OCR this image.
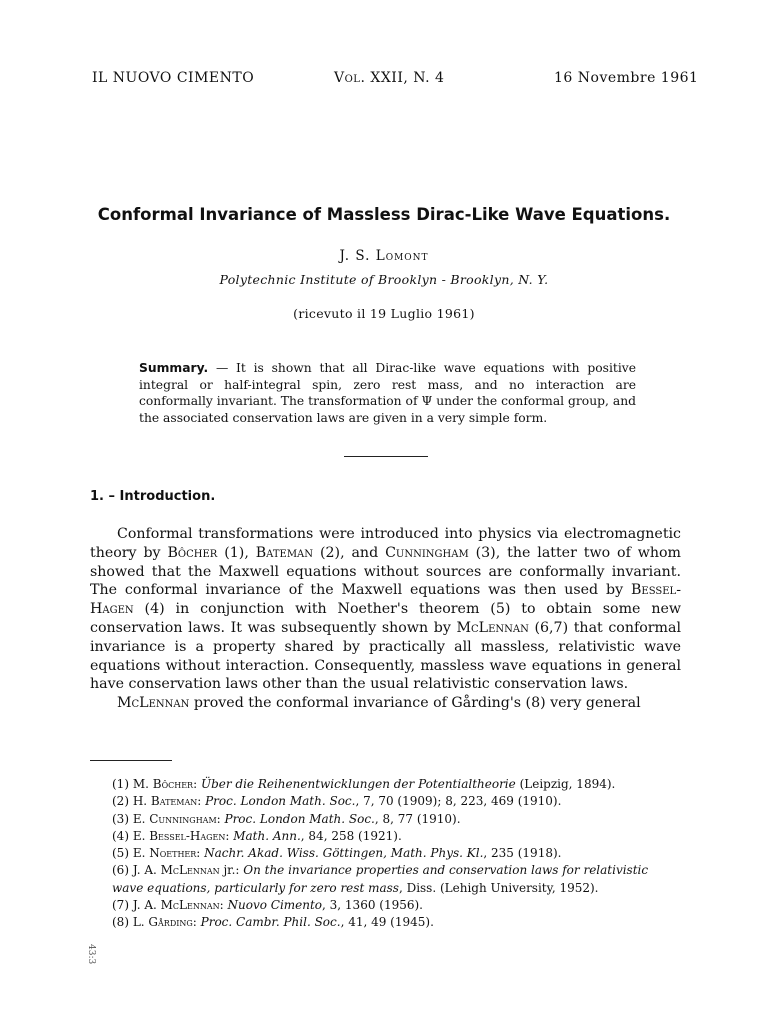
IL NUOVO CIMENTO	Vol. XXII, N. 4	16 Novembre 1961
Conformal Invariance of Massless Dirac-Like Wave Equations.
J. S. Lomont
Polytechnic Institute of Brooklyn - Brooklyn, N. Y.
(ricevuto il 19 Luglio 1961)
Summary. — It is shown that all Dirac-like wave equations with positive integral or half-integral spin, zero rest mass, and no interaction are conformally invariant. The transformation of Ψ under the conformal group, and the associated conservation laws are given in a very simple form.
1. – Introduction.

Conformal transformations were introduced into physics via electromagnetic theory by Bôcher (1), Bateman (2), and Cunningham (3), the latter two of whom showed that the Maxwell equations without sources are conformally invariant. The conformal invariance of the Maxwell equations was then used by Bessel-Hagen (4) in conjunction with Noether's theorem (5) to obtain some new conservation laws. It was subsequently shown by McLennan (6,7) that conformal invariance is a property shared by practically all massless, relativistic wave equations without interaction. Consequently, massless wave equations in general have conservation laws other than the usual relativistic conservation laws.

McLennan proved the conformal invariance of Gårding's (8) very general

(1) M. Bôcher: Über die Reihenentwicklungen der Potentialtheorie (Leipzig, 1894).
(2) H. Bateman: Proc. London Math. Soc., 7, 70 (1909); 8, 223, 469 (1910).
(3) E. Cunningham: Proc. London Math. Soc., 8, 77 (1910).
(4) E. Bessel-Hagen: Math. Ann., 84, 258 (1921).
(5) E. Noether: Nachr. Akad. Wiss. Göttingen, Math. Phys. Kl., 235 (1918).
(6) J. A. McLennan jr.: On the invariance properties and conservation laws for relativistic wave equations, particularly for zero rest mass, Diss. (Lehigh University, 1952).
(7) J. A. McLennan: Nuovo Cimento, 3, 1360 (1956).
(8) L. Gårding: Proc. Cambr. Phil. Soc., 41, 49 (1945).
43:3
